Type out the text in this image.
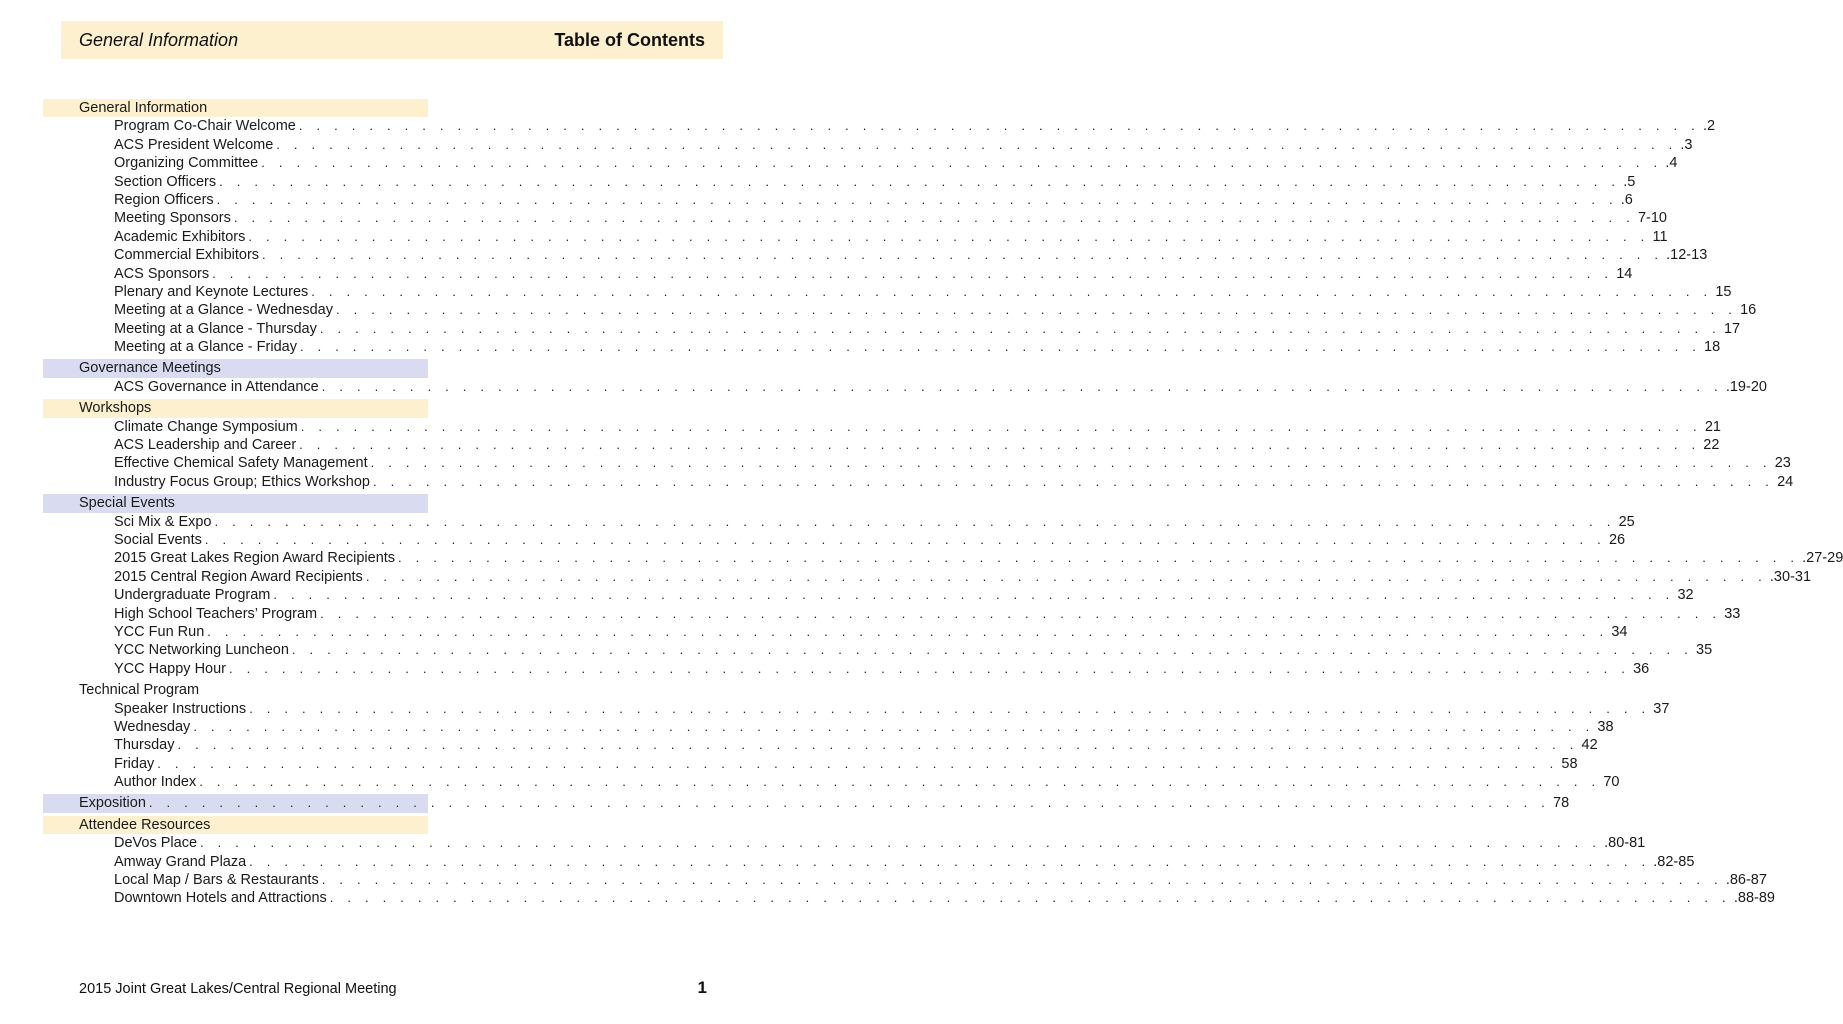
General Information	Table of Contents
General Information
Program Co-Chair Welcome . . . . . . . . . . . . . . . . . . . . . . . . . . . . . . . . . . . . . . . . . . . . . . . . . . . . . . . . . . . . . . . . . . . . . . . . . . . . . . . . .2
ACS President Welcome . . . . . . . . . . . . . . . . . . . . . . . . . . . . . . . . . . . . . . . . . . . . . . . . . . . . . . . . . . . . . . . . . . . . . . . . . . . . . . . . .3
Organizing Committee . . . . . . . . . . . . . . . . . . . . . . . . . . . . . . . . . . . . . . . . . . . . . . . . . . . . . . . . . . . . . . . . . . . . . . . . . . . . . . . . .4
Section Officers . . . . . . . . . . . . . . . . . . . . . . . . . . . . . . . . . . . . . . . . . . . . . . . . . . . . . . . . . . . . . . . . . . . . . . . . . . . . . . . . .5
Region Officers . . . . . . . . . . . . . . . . . . . . . . . . . . . . . . . . . . . . . . . . . . . . . . . . . . . . . . . . . . . . . . . . . . . . . . . . . . . . . . . . .6
Meeting Sponsors . . . . . . . . . . . . . . . . . . . . . . . . . . . . . . . . . . . . . . . . . . . . . . . . . . . . . . . . . . . . . . . . . . . . . . . . . . . . . . . . 7-10
Academic Exhibitors . . . . . . . . . . . . . . . . . . . . . . . . . . . . . . . . . . . . . . . . . . . . . . . . . . . . . . . . . . . . . . . . . . . . . . . . . . . . . . . . 11
Commercial Exhibitors . . . . . . . . . . . . . . . . . . . . . . . . . . . . . . . . . . . . . . . . . . . . . . . . . . . . . . . . . . . . . . . . . . . . . . . . . . . . . . . . .12-13
ACS Sponsors . . . . . . . . . . . . . . . . . . . . . . . . . . . . . . . . . . . . . . . . . . . . . . . . . . . . . . . . . . . . . . . . . . . . . . . . . . . . . . . . 14
Plenary and Keynote Lectures . . . . . . . . . . . . . . . . . . . . . . . . . . . . . . . . . . . . . . . . . . . . . . . . . . . . . . . . . . . . . . . . . . . . . . . . . . . . . . . . 15
Meeting at a Glance - Wednesday . . . . . . . . . . . . . . . . . . . . . . . . . . . . . . . . . . . . . . . . . . . . . . . . . . . . . . . . . . . . . . . . . . . . . . . . . . . . . . . . 16
Meeting at a Glance - Thursday . . . . . . . . . . . . . . . . . . . . . . . . . . . . . . . . . . . . . . . . . . . . . . . . . . . . . . . . . . . . . . . . . . . . . . . . . . . . . . . . 17
Meeting at a Glance - Friday . . . . . . . . . . . . . . . . . . . . . . . . . . . . . . . . . . . . . . . . . . . . . . . . . . . . . . . . . . . . . . . . . . . . . . . . . . . . . . . . 18
Governance Meetings
ACS Governance in Attendance . . . . . . . . . . . . . . . . . . . . . . . . . . . . . . . . . . . . . . . . . . . . . . . . . . . . . . . . . . . . . . . . . . . . . . . . . . . . . . . . .19-20
Workshops
Climate Change Symposium . . . . . . . . . . . . . . . . . . . . . . . . . . . . . . . . . . . . . . . . . . . . . . . . . . . . . . . . . . . . . . . . . . . . . . . . . . . . . . . . 21
ACS Leadership and Career . . . . . . . . . . . . . . . . . . . . . . . . . . . . . . . . . . . . . . . . . . . . . . . . . . . . . . . . . . . . . . . . . . . . . . . . . . . . . . . . 22
Effective Chemical Safety Management . . . . . . . . . . . . . . . . . . . . . . . . . . . . . . . . . . . . . . . . . . . . . . . . . . . . . . . . . . . . . . . . . . . . . . . . . . . . . . . . 23
Industry Focus Group; Ethics Workshop . . . . . . . . . . . . . . . . . . . . . . . . . . . . . . . . . . . . . . . . . . . . . . . . . . . . . . . . . . . . . . . . . . . . . . . . . . . . . . . . 24
Special Events
Sci Mix & Expo . . . . . . . . . . . . . . . . . . . . . . . . . . . . . . . . . . . . . . . . . . . . . . . . . . . . . . . . . . . . . . . . . . . . . . . . . . . . . . . . 25
Social Events . . . . . . . . . . . . . . . . . . . . . . . . . . . . . . . . . . . . . . . . . . . . . . . . . . . . . . . . . . . . . . . . . . . . . . . . . . . . . . . . 26
2015 Great Lakes Region Award Recipients . . . . . . . . . . . . . . . . . . . . . . . . . . . . . . . . . . . . . . . . . . . . . . . . . . . . . . . . . . . . . . . . . . . . . . . . . . . . . . . . .27-29
2015 Central Region Award Recipients . . . . . . . . . . . . . . . . . . . . . . . . . . . . . . . . . . . . . . . . . . . . . . . . . . . . . . . . . . . . . . . . . . . . . . . . . . . . . . . . .30-31
Undergraduate Program . . . . . . . . . . . . . . . . . . . . . . . . . . . . . . . . . . . . . . . . . . . . . . . . . . . . . . . . . . . . . . . . . . . . . . . . . . . . . . . . 32
High School Teachers’ Program . . . . . . . . . . . . . . . . . . . . . . . . . . . . . . . . . . . . . . . . . . . . . . . . . . . . . . . . . . . . . . . . . . . . . . . . . . . . . . . . 33
YCC Fun Run . . . . . . . . . . . . . . . . . . . . . . . . . . . . . . . . . . . . . . . . . . . . . . . . . . . . . . . . . . . . . . . . . . . . . . . . . . . . . . . . 34
YCC Networking Luncheon . . . . . . . . . . . . . . . . . . . . . . . . . . . . . . . . . . . . . . . . . . . . . . . . . . . . . . . . . . . . . . . . . . . . . . . . . . . . . . . . 35
YCC Happy Hour . . . . . . . . . . . . . . . . . . . . . . . . . . . . . . . . . . . . . . . . . . . . . . . . . . . . . . . . . . . . . . . . . . . . . . . . . . . . . . . . 36
Technical Program
Speaker Instructions . . . . . . . . . . . . . . . . . . . . . . . . . . . . . . . . . . . . . . . . . . . . . . . . . . . . . . . . . . . . . . . . . . . . . . . . . . . . . . . . 37
Wednesday . . . . . . . . . . . . . . . . . . . . . . . . . . . . . . . . . . . . . . . . . . . . . . . . . . . . . . . . . . . . . . . . . . . . . . . . . . . . . . . . 38
Thursday . . . . . . . . . . . . . . . . . . . . . . . . . . . . . . . . . . . . . . . . . . . . . . . . . . . . . . . . . . . . . . . . . . . . . . . . . . . . . . . . 42
Friday . . . . . . . . . . . . . . . . . . . . . . . . . . . . . . . . . . . . . . . . . . . . . . . . . . . . . . . . . . . . . . . . . . . . . . . . . . . . . . . . 58
Author Index . . . . . . . . . . . . . . . . . . . . . . . . . . . . . . . . . . . . . . . . . . . . . . . . . . . . . . . . . . . . . . . . . . . . . . . . . . . . . . . . 70
Exposition . . . . . . . . . . . . . . . . . . . . . . . . . . . . . . . . . . . . . . . . . . . . . . . . . . . . . . . . . . . . . . . . . . . . . . . . . . . . . . . . 78
Attendee Resources
DeVos Place . . . . . . . . . . . . . . . . . . . . . . . . . . . . . . . . . . . . . . . . . . . . . . . . . . . . . . . . . . . . . . . . . . . . . . . . . . . . . . . . .80-81
Amway Grand Plaza . . . . . . . . . . . . . . . . . . . . . . . . . . . . . . . . . . . . . . . . . . . . . . . . . . . . . . . . . . . . . . . . . . . . . . . . . . . . . . . . .82-85
Local Map / Bars & Restaurants . . . . . . . . . . . . . . . . . . . . . . . . . . . . . . . . . . . . . . . . . . . . . . . . . . . . . . . . . . . . . . . . . . . . . . . . . . . . . . . . .86-87
Downtown Hotels and Attractions . . . . . . . . . . . . . . . . . . . . . . . . . . . . . . . . . . . . . . . . . . . . . . . . . . . . . . . . . . . . . . . . . . . . . . . . . . . . . . . . .88-89
2015 Joint Great Lakes/Central Regional Meeting	1
